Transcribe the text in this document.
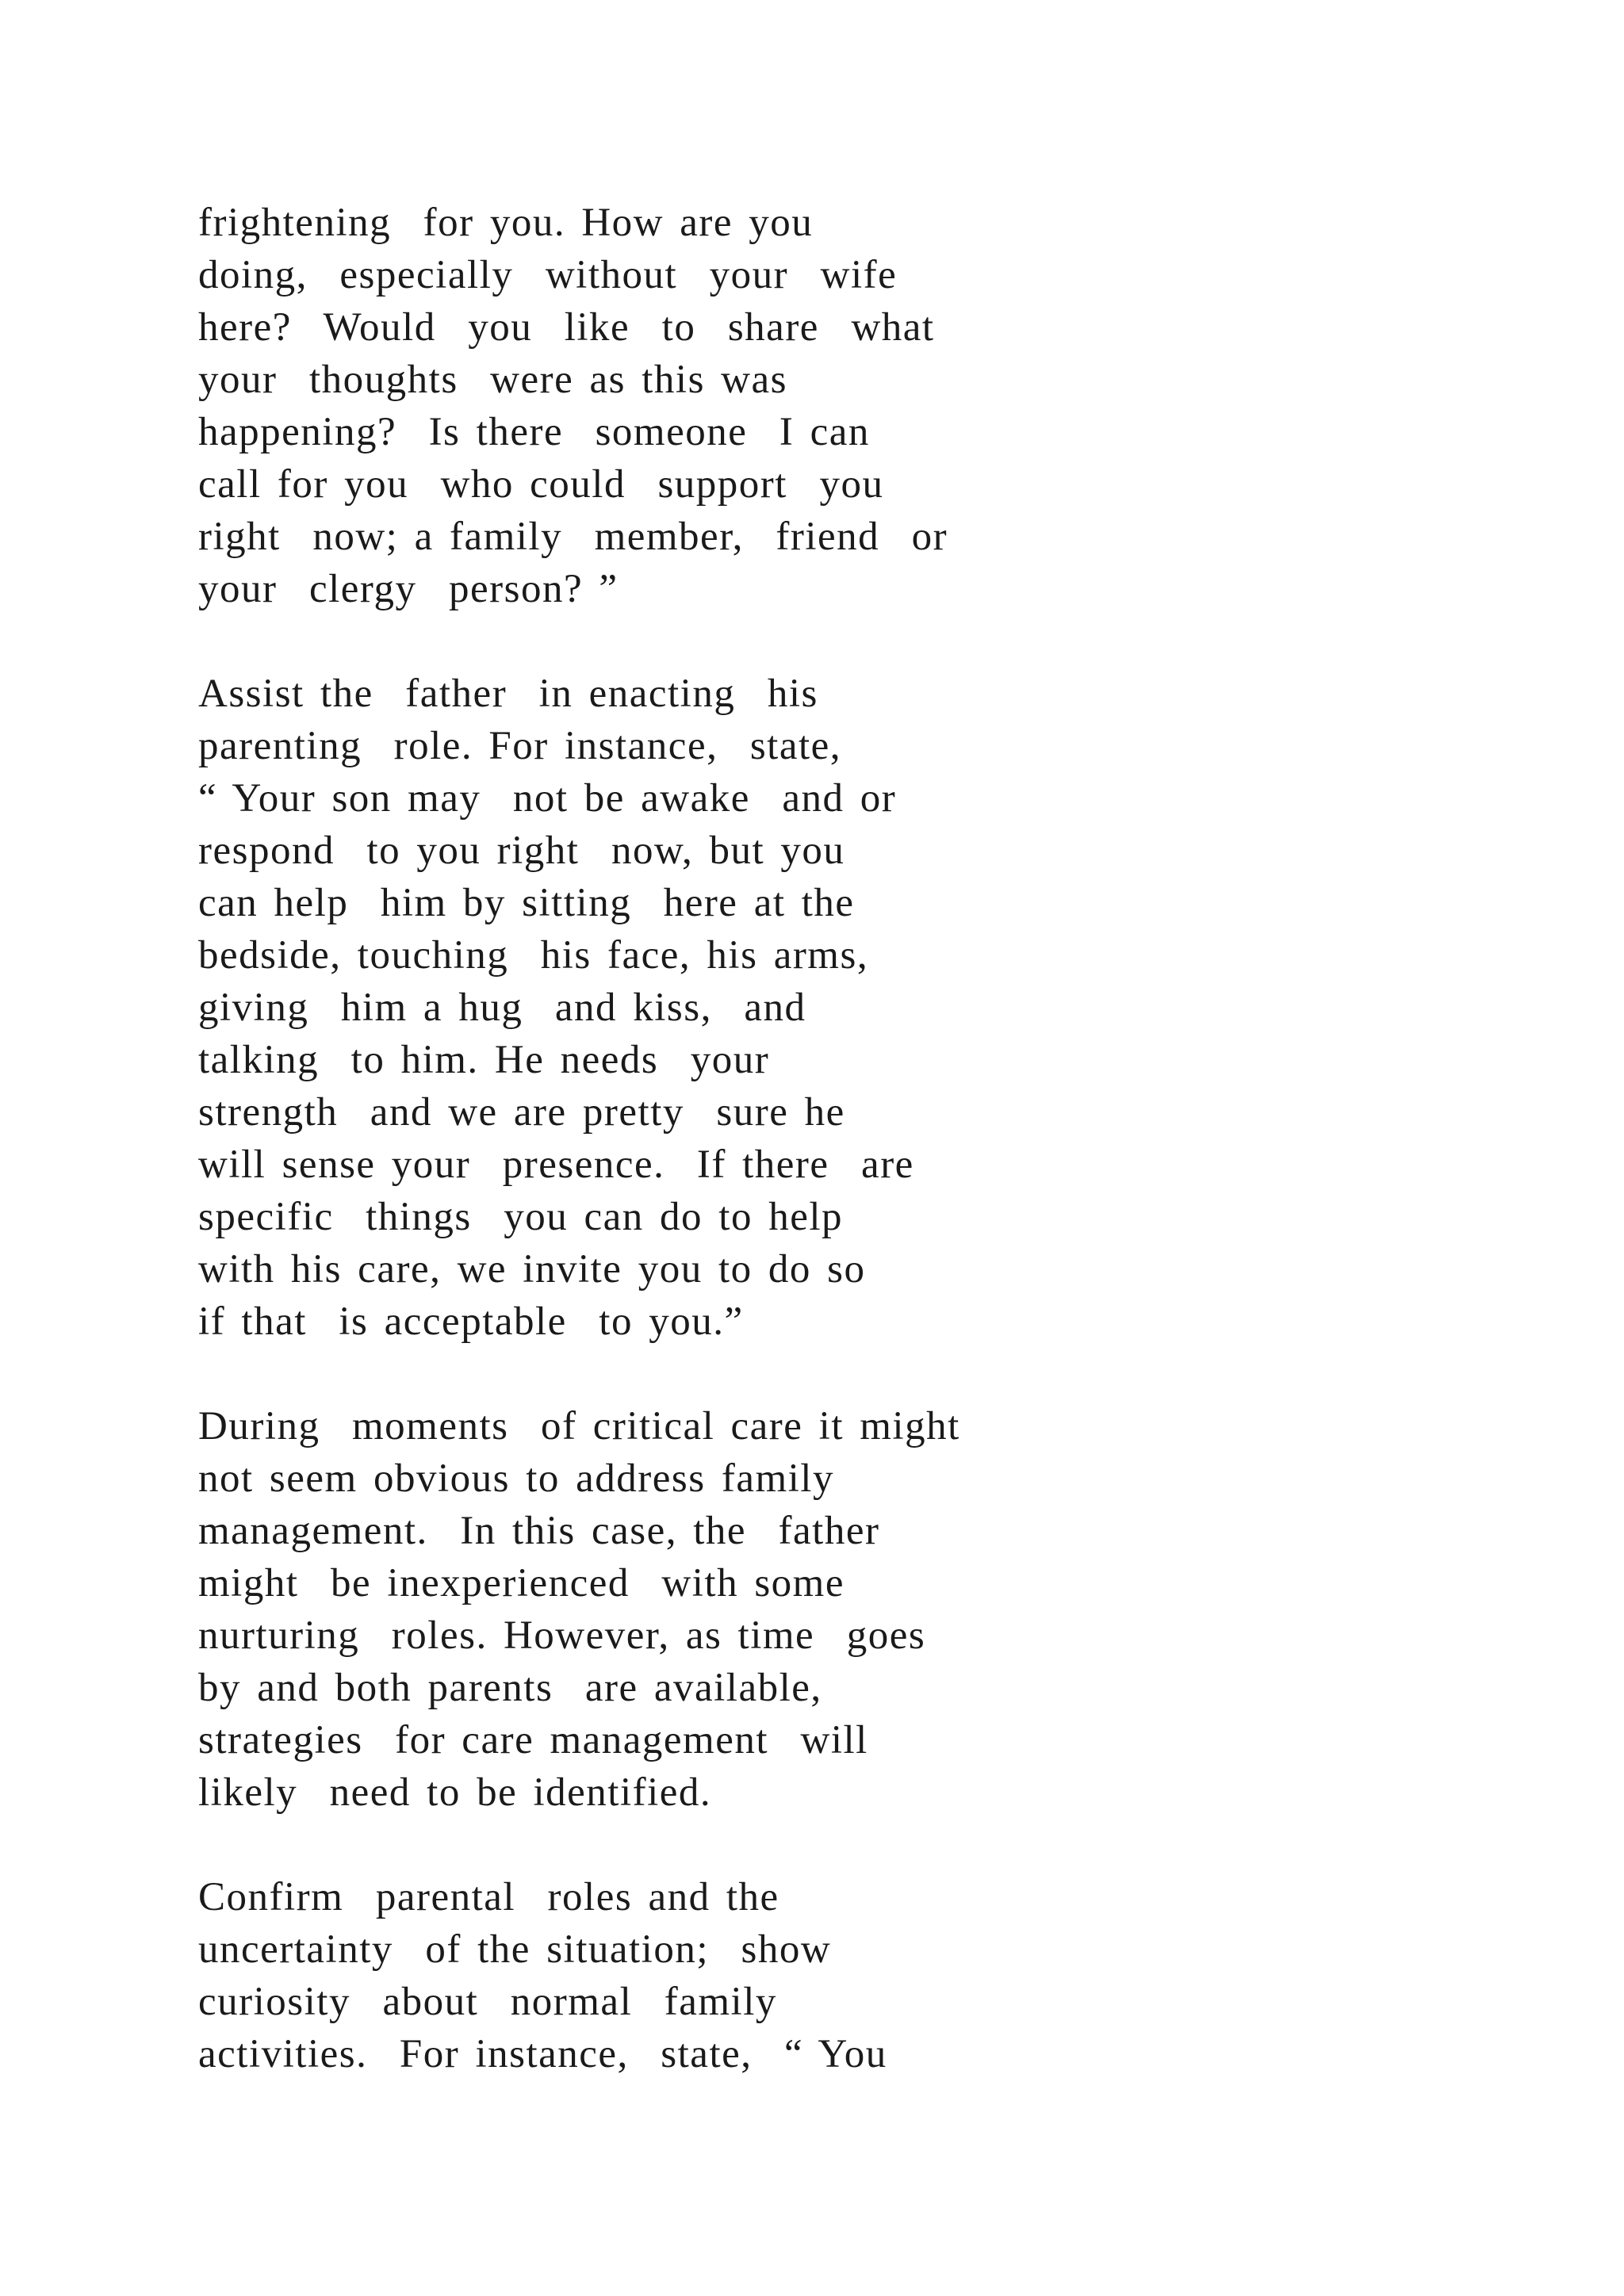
frightening  for you. How are you
doing,  especially  without  your  wife
here?  Would  you  like  to  share  what
your  thoughts  were as this was
happening?  Is there  someone  I can
call for you  who could  support  you
right  now; a family  member,  friend  or
your  clergy  person? ”

Assist the  father  in enacting  his
parenting  role. For instance,  state,
“ Your son may  not be awake  and or
respond  to you right  now, but you
can help  him by sitting  here at the
bedside, touching  his face, his arms,
giving  him a hug  and kiss,  and
talking  to him. He needs  your
strength  and we are pretty  sure he
will sense your  presence.  If there  are
specific  things  you can do to help
with his care, we invite you to do so
if that  is acceptable  to you.”

During  moments  of critical care it might
not seem obvious to address family
management.  In this case, the  father
might  be inexperienced  with some
nurturing  roles. However, as time  goes
by and both parents  are available,
strategies  for care management  will
likely  need to be identified.

Confirm  parental  roles and the
uncertainty  of the situation;  show
curiosity  about  normal  family
activities.  For instance,  state,  “ You
